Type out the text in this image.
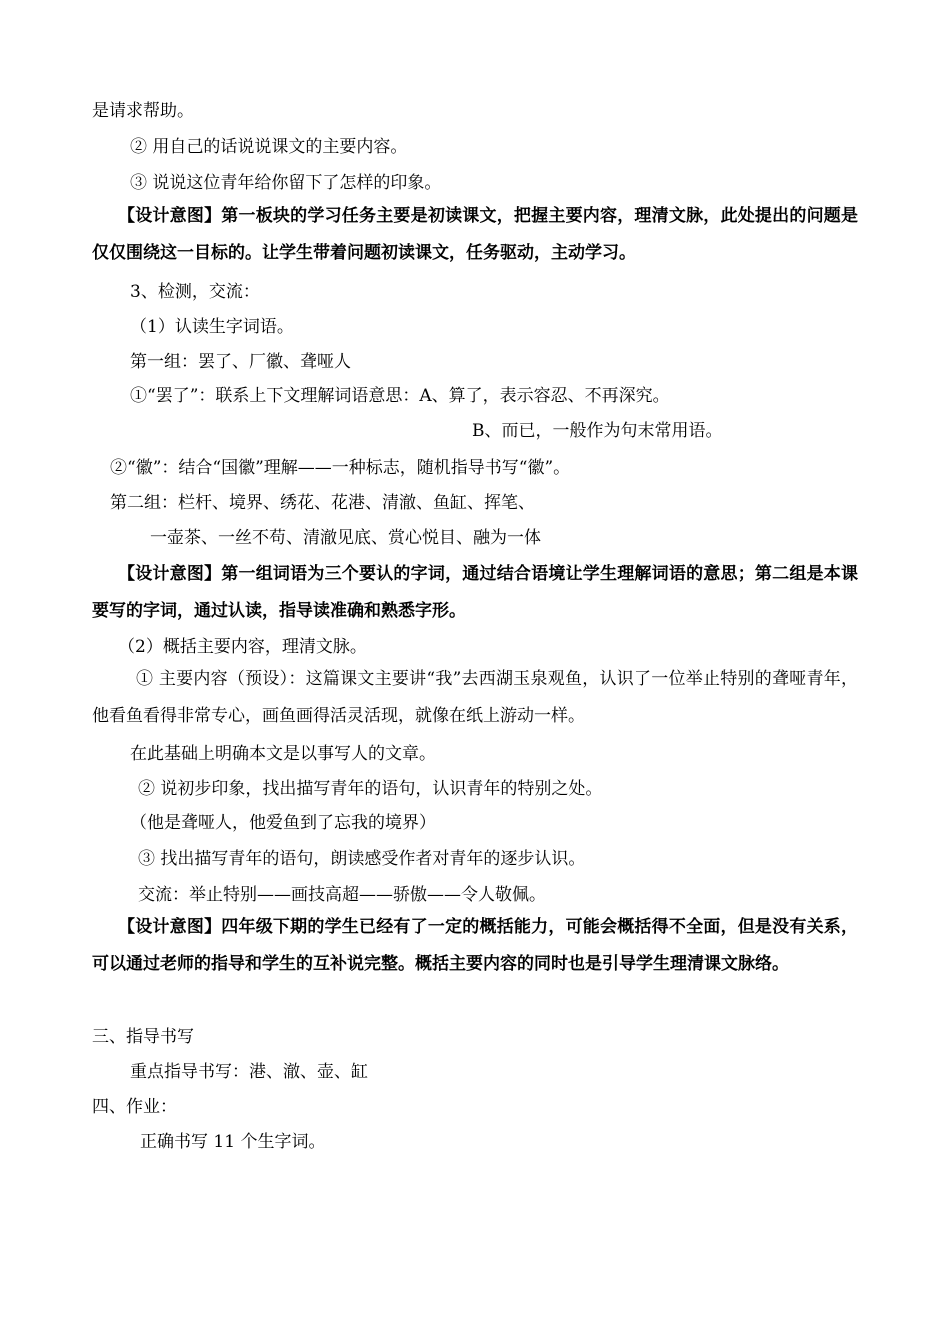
是请求帮助。
② 用自己的话说说课文的主要内容。
③ 说说这位青年给你留下了怎样的印象。
【设计意图】第一板块的学习任务主要是初读课文，把握主要内容，理清文脉，此处提出的问题是仅仅围绕这一目标的。让学生带着问题初读课文，任务驱动，主动学习。
3、检测，交流：
（1）认读生字词语。
第一组：罢了、厂徽、聋哑人
①“罢了”：联系上下文理解词语意思：A、算了，表示容忍、不再深究。
B、而已，一般作为句末常用语。
②“徽”：结合“国徽”理解——一种标志，随机指导书写“徽”。
第二组：栏杆、境界、绣花、花港、清澈、鱼缸、挥笔、
一壶茶、一丝不苟、清澈见底、赏心悦目、融为一体
【设计意图】第一组词语为三个要认的字词，通过结合语境让学生理解词语的意思；第二组是本课要写的字词，通过认读，指导读准确和熟悉字形。
（2）概括主要内容，理清文脉。
① 主要内容（预设）：这篇课文主要讲“我”去西湖玉泉观鱼，认识了一位举止特别的聋哑青年，他看鱼看得非常专心，画鱼画得活灵活现，就像在纸上游动一样。
在此基础上明确本文是以事写人的文章。
② 说初步印象，找出描写青年的语句，认识青年的特别之处。
（他是聋哑人，他爱鱼到了忘我的境界）
③ 找出描写青年的语句，朗读感受作者对青年的逐步认识。
交流：举止特别——画技高超——骄傲——令人敬佩。
【设计意图】四年级下期的学生已经有了一定的概括能力，可能会概括得不全面，但是没有关系，可以通过老师的指导和学生的互补说完整。概括主要内容的同时也是引导学生理清课文脉络。
三、指导书写
重点指导书写：港、澈、壶、缸
四、作业：
正确书写 11 个生字词。
